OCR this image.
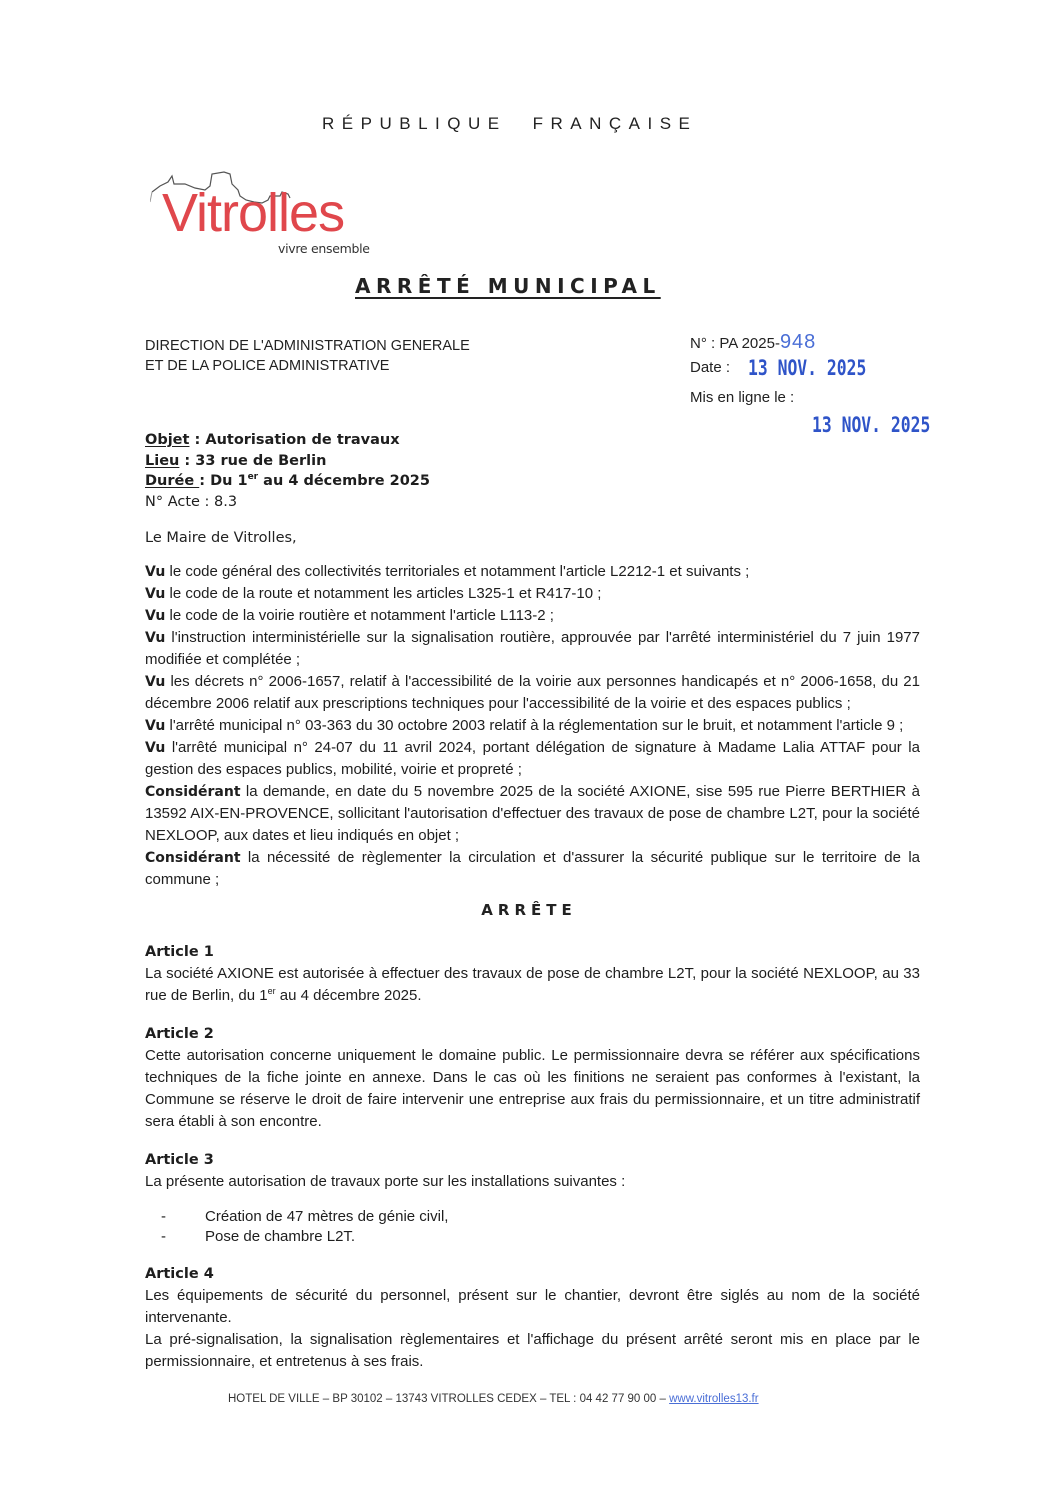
RÉPUBLIQUE FRANÇAISE
Vitrolles
vivre ensemble
ARRÊTÉ MUNICIPAL
DIRECTION DE L'ADMINISTRATION GENERALE
ET DE LA POLICE ADMINISTRATIVE
N° : PA 2025-948
Date : 13 NOV. 2025
Mis en ligne le :
13 NOV. 2025
Objet : Autorisation de travaux
Lieu : 33 rue de Berlin
Durée : Du 1er au 4 décembre 2025
N° Acte : 8.3
Le Maire de Vitrolles,

Vu le code général des collectivités territoriales et notamment l'article L2212-1 et suivants ;

Vu le code de la route et notamment les articles L325-1 et R417-10 ;

Vu le code de la voirie routière et notamment l'article L113-2 ;

Vu l'instruction interministérielle sur la signalisation routière, approuvée par l'arrêté interministériel du 7 juin 1977 modifiée et complétée ;

Vu les décrets n° 2006-1657, relatif à l'accessibilité de la voirie aux personnes handicapés et n° 2006-1658, du 21 décembre 2006 relatif aux prescriptions techniques pour l'accessibilité de la voirie et des espaces publics ;

Vu l'arrêté municipal n° 03-363 du 30 octobre 2003 relatif à la réglementation sur le bruit, et notamment l'article 9 ;

Vu l'arrêté municipal n° 24-07 du 11 avril 2024, portant délégation de signature à Madame Lalia ATTAF pour la gestion des espaces publics, mobilité, voirie et propreté ;

Considérant la demande, en date du 5 novembre 2025 de la société AXIONE, sise 595 rue Pierre BERTHIER à 13592 AIX-EN-PROVENCE, sollicitant l'autorisation d'effectuer des travaux de pose de chambre L2T, pour la société NEXLOOP, aux dates et lieu indiqués en objet ;

Considérant la nécessité de règlementer la circulation et d'assurer la sécurité publique sur le territoire de la commune ;

ARRÊTE
Article 1

La société AXIONE est autorisée à effectuer des travaux de pose de chambre L2T, pour la société NEXLOOP, au 33 rue de Berlin, du 1er au 4 décembre 2025.

Article 2

Cette autorisation concerne uniquement le domaine public. Le permissionnaire devra se référer aux spécifications techniques de la fiche jointe en annexe. Dans le cas où les finitions ne seraient pas conformes à l'existant, la Commune se réserve le droit de faire intervenir une entreprise aux frais du permissionnaire, et un titre administratif sera établi à son encontre.

Article 3

La présente autorisation de travaux porte sur les installations suivantes :

-	Création de 47 mètres de génie civil,
-	Pose de chambre L2T.
Article 4

Les équipements de sécurité du personnel, présent sur le chantier, devront être siglés au nom de la société intervenante.

La pré-signalisation, la signalisation règlementaires et l'affichage du présent arrêté seront mis en place par le permissionnaire, et entretenus à ses frais.

HOTEL DE VILLE – BP 30102 – 13743 VITROLLES CEDEX – TEL : 04 42 77 90 00 – www.vitrolles13.fr
